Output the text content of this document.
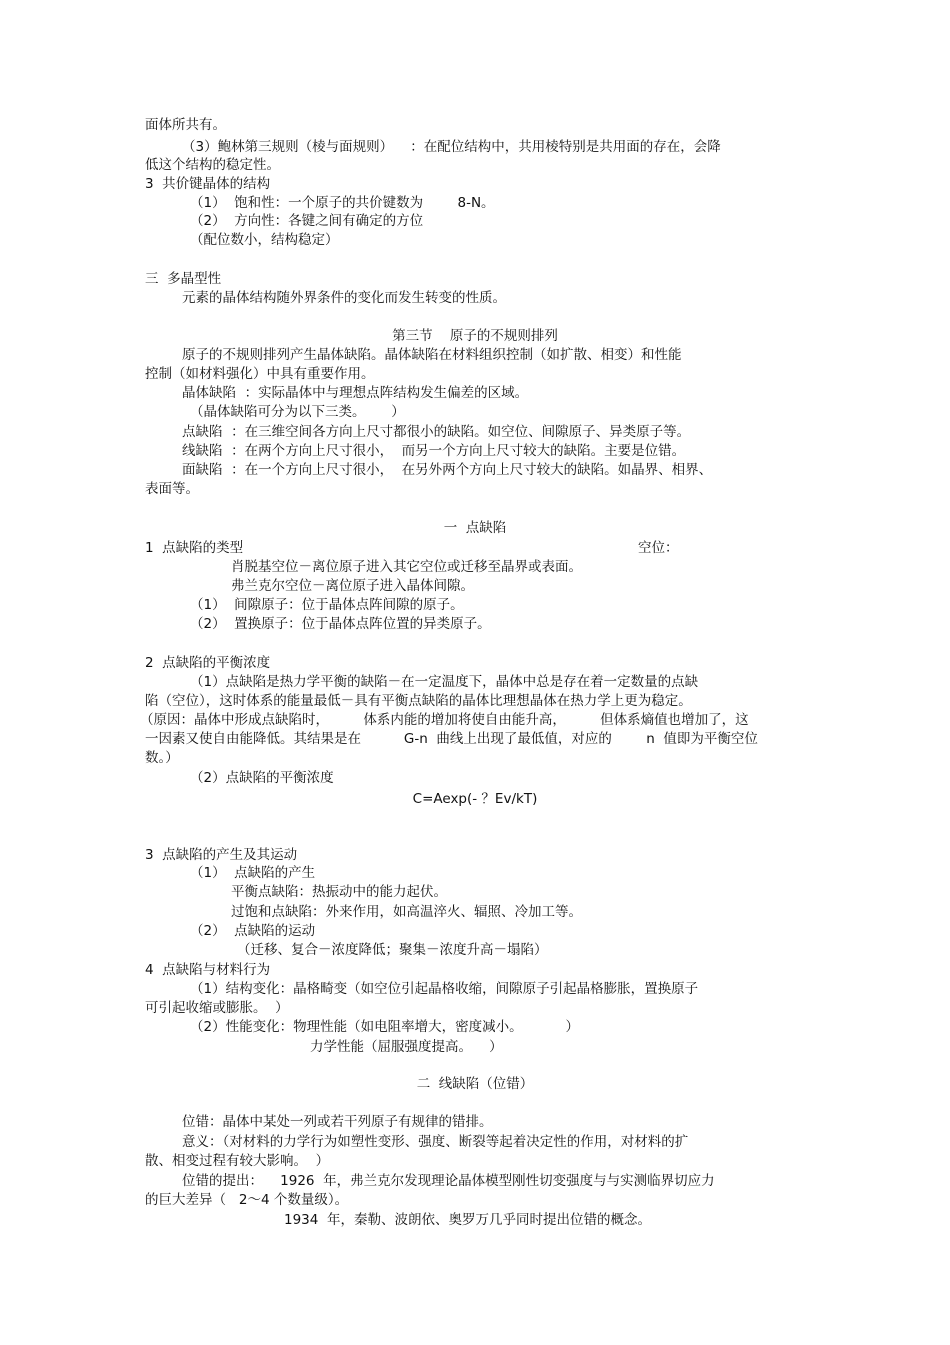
面体所共有。
（3）鲍林第三规则（棱与面规则）    ：在配位结构中，共用棱特别是共用面的存在，会降
低这个结构的稳定性。
3  共价键晶体的结构
（1）  饱和性：一个原子的共价键数为        8-N。
（2）  方向性：各键之间有确定的方位
（配位数小，结构稳定）
三  多晶型性
元素的晶体结构随外界条件的变化而发生转变的性质。
第三节    原子的不规则排列
原子的不规则排列产生晶体缺陷。晶体缺陷在材料组织控制（如扩散、相变）和性能
控制（如材料强化）中具有重要作用。
晶体缺陷  ：实际晶体中与理想点阵结构发生偏差的区域。
（晶体缺陷可分为以下三类。      ）
点缺陷  ：在三维空间各方向上尺寸都很小的缺陷。如空位、间隙原子、异类原子等。
线缺陷  ：在两个方向上尺寸很小，  而另一个方向上尺寸较大的缺陷。主要是位错。
面缺陷  ：在一个方向上尺寸很小，  在另外两个方向上尺寸较大的缺陷。如晶界、相界、
表面等。
一  点缺陷
1  点缺陷的类型	空位：
肖脱基空位－离位原子进入其它空位或迁移至晶界或表面。
弗兰克尔空位－离位原子进入晶体间隙。
（1）  间隙原子：位于晶体点阵间隙的原子。
（2）  置换原子：位于晶体点阵位置的异类原子。
2  点缺陷的平衡浓度
（1）点缺陷是热力学平衡的缺陷－在一定温度下，晶体中总是存在着一定数量的点缺
陷（空位），这时体系的能量最低－具有平衡点缺陷的晶体比理想晶体在热力学上更为稳定。
（原因：晶体中形成点缺陷时，        体系内能的增加将使自由能升高，        但体系熵值也增加了，这
一因素又使自由能降低。其结果是在          G-n  曲线上出现了最低值，对应的        n  值即为平衡空位
数。）
（2）点缺陷的平衡浓度
C=Aexp(- ？Ev/kT)
3  点缺陷的产生及其运动
（1）  点缺陷的产生
平衡点缺陷：热振动中的能力起伏。
过饱和点缺陷：外来作用，如高温淬火、辐照、冷加工等。
（2）  点缺陷的运动
（迁移、复合－浓度降低；聚集－浓度升高－塌陷）
4  点缺陷与材料行为
（1）结构变化：晶格畸变（如空位引起晶格收缩，间隙原子引起晶格膨胀，置换原子
可引起收缩或膨胀。  ）
（2）性能变化：物理性能（如电阻率增大，密度减小。          ）
力学性能（屈服强度提高。    ）
二  线缺陷（位错）
位错：晶体中某处一列或若干列原子有规律的错排。
意义：（对材料的力学行为如塑性变形、强度、断裂等起着决定性的作用，对材料的扩
散、相变过程有较大影响。  ）
位错的提出：    1926  年，弗兰克尔发现理论晶体模型刚性切变强度与与实测临界切应力
的巨大差异（   2～4 个数量级）。
1934  年，秦勒、波朗依、奥罗万几乎同时提出位错的概念。
